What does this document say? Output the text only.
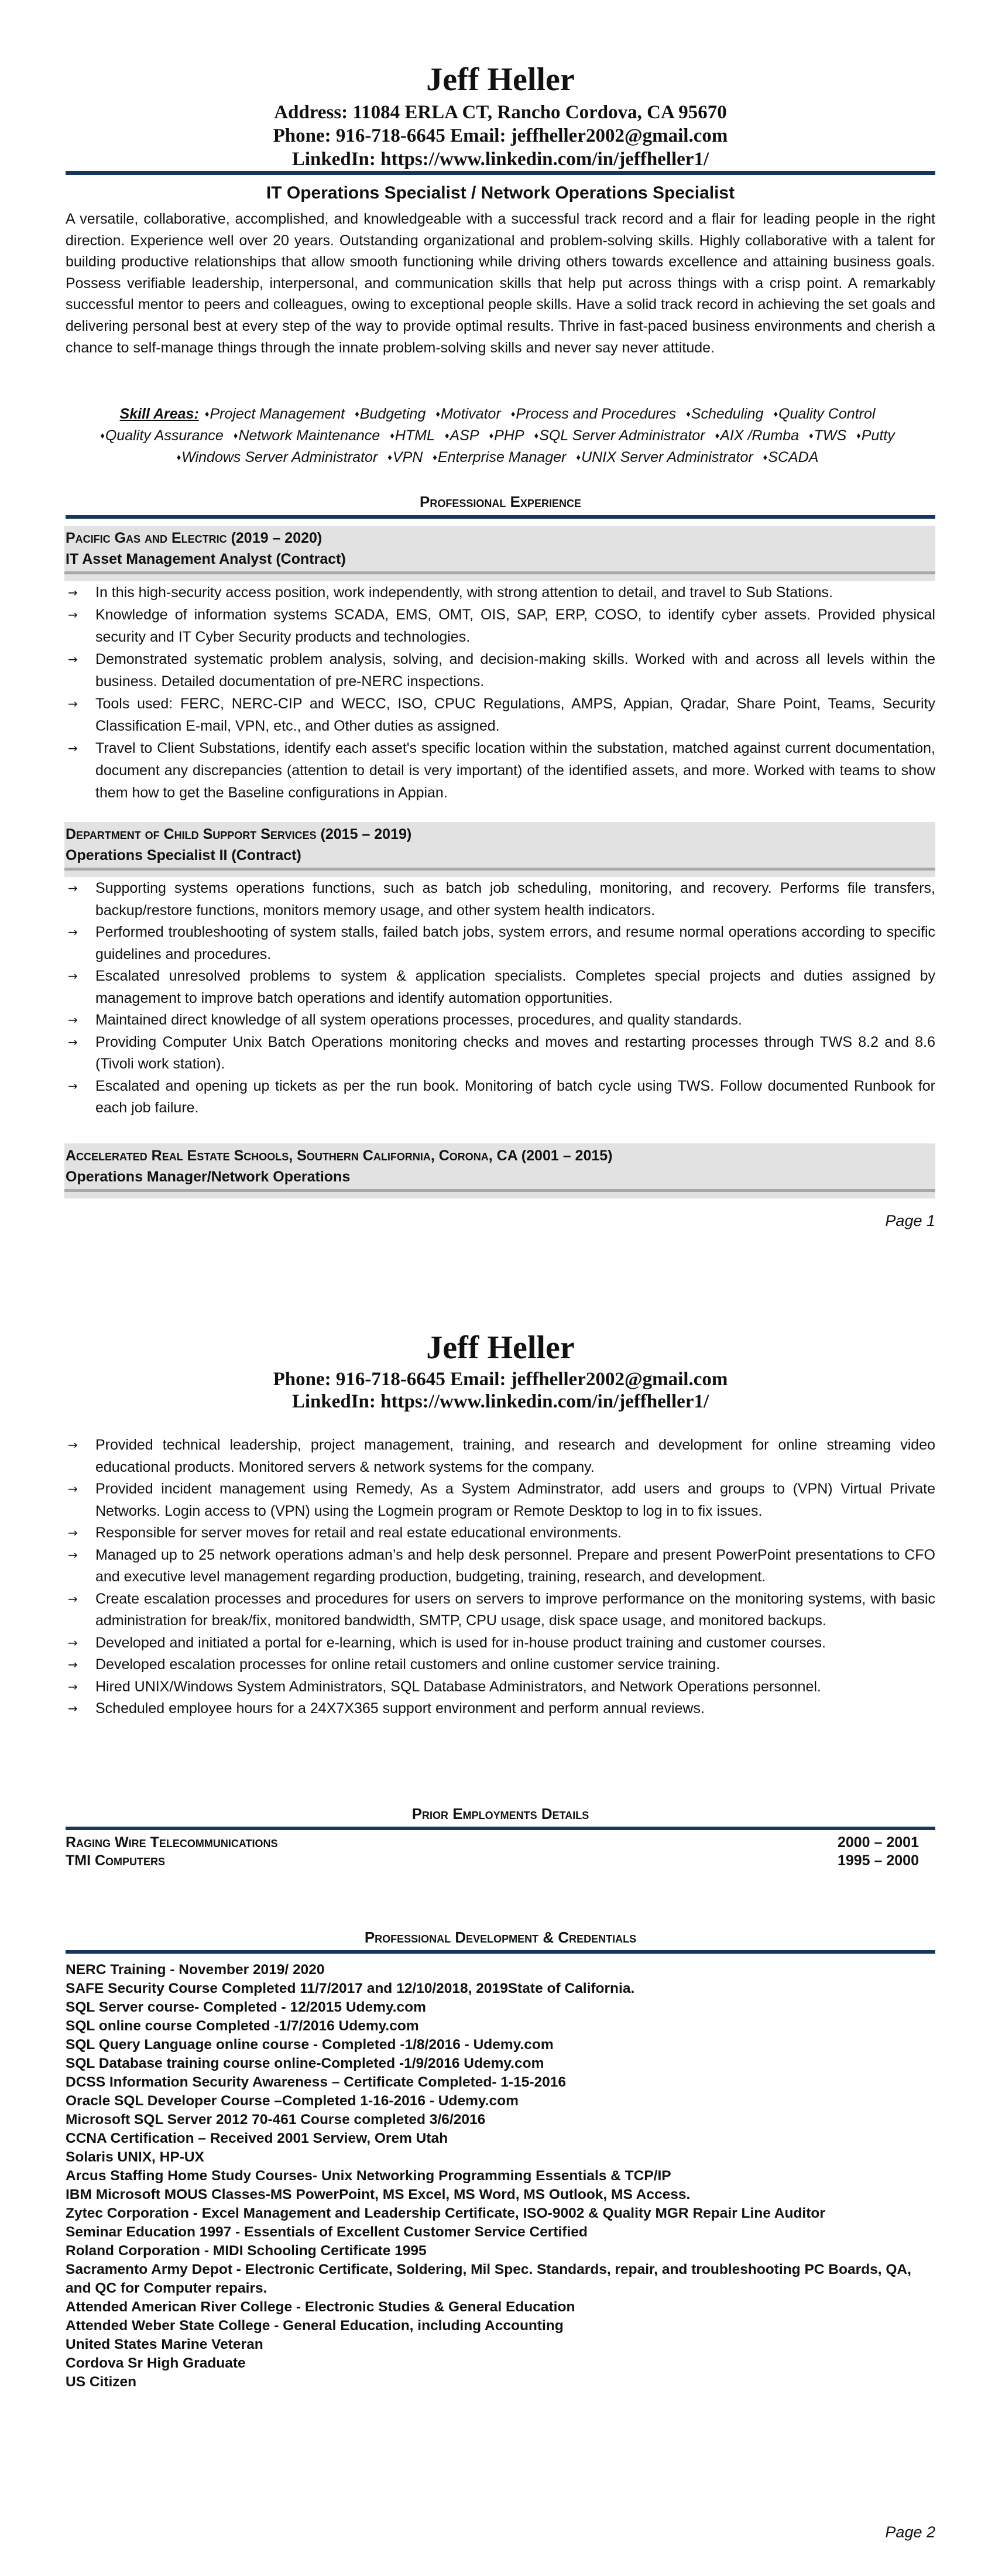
Jeff Heller
Address: 11084 ERLA CT, Rancho Cordova, CA 95670
Phone: 916-718-6645 Email: jeffheller2002@gmail.com
LinkedIn: https://www.linkedin.com/in/jeffheller1/
IT Operations Specialist / Network Operations Specialist
A versatile, collaborative, accomplished, and knowledgeable with a successful track record and a flair for leading people in the right direction. Experience well over 20 years. Outstanding organizational and problem-solving skills. Highly collaborative with a talent for building productive relationships that allow smooth functioning while driving others towards excellence and attaining business goals. Possess verifiable leadership, interpersonal, and communication skills that help put across things with a crisp point. A remarkably successful mentor to peers and colleagues, owing to exceptional people skills. Have a solid track record in achieving the set goals and delivering personal best at every step of the way to provide optimal results. Thrive in fast-paced business environments and cherish a chance to self-manage things through the innate problem-solving skills and never say never attitude.
Skill Areas: ♦ Project Management ♦ Budgeting ♦ Motivator ♦ Process and Procedures ♦ Scheduling ♦ Quality Control ♦ Quality Assurance ♦ Network Maintenance ♦ HTML ♦ ASP ♦ PHP ♦ SQL Server Administrator ♦ AIX /Rumba ♦ TWS ♦ Putty ♦ Windows Server Administrator ♦ VPN ♦ Enterprise Manager ♦ UNIX Server Administrator ♦ SCADA
Professional Experience
Pacific Gas and Electric (2019 – 2020)
IT Asset Management Analyst (Contract)
→ In this high-security access position, work independently, with strong attention to detail, and travel to Sub Stations.
→ Knowledge of information systems SCADA, EMS, OMT, OIS, SAP, ERP, COSO, to identify cyber assets. Provided physical security and IT Cyber Security products and technologies.
→ Demonstrated systematic problem analysis, solving, and decision-making skills. Worked with and across all levels within the business. Detailed documentation of pre-NERC inspections.
→ Tools used: FERC, NERC-CIP and WECC, ISO, CPUC Regulations, AMPS, Appian, Qradar, Share Point, Teams, Security Classification E-mail, VPN, etc., and Other duties as assigned.
→ Travel to Client Substations, identify each asset's specific location within the substation, matched against current documentation, document any discrepancies (attention to detail is very important) of the identified assets, and more. Worked with teams to show them how to get the Baseline configurations in Appian.
Department of Child Support Services (2015 – 2019)
Operations Specialist II (Contract)
→ Supporting systems operations functions, such as batch job scheduling, monitoring, and recovery. Performs file transfers, backup/restore functions, monitors memory usage, and other system health indicators.
→ Performed troubleshooting of system stalls, failed batch jobs, system errors, and resume normal operations according to specific guidelines and procedures.
→ Escalated unresolved problems to system & application specialists. Completes special projects and duties assigned by management to improve batch operations and identify automation opportunities.
→ Maintained direct knowledge of all system operations processes, procedures, and quality standards.
→ Providing Computer Unix Batch Operations monitoring checks and moves and restarting processes through TWS 8.2 and 8.6 (Tivoli work station).
→ Escalated and opening up tickets as per the run book. Monitoring of batch cycle using TWS. Follow documented Runbook for each job failure.
Accelerated Real Estate Schools, Southern California, Corona, CA (2001 – 2015)
Operations Manager/Network Operations
Page 1
Jeff Heller
Phone: 916-718-6645 Email: jeffheller2002@gmail.com
LinkedIn: https://www.linkedin.com/in/jeffheller1/
→ Provided technical leadership, project management, training, and research and development for online streaming video educational products. Monitored servers & network systems for the company.
→ Provided incident management using Remedy, As a System Adminstrator, add users and groups to (VPN) Virtual Private Networks. Login access to (VPN) using the Logmein program or Remote Desktop to log in to fix issues.
→ Responsible for server moves for retail and real estate educational environments.
→ Managed up to 25 network operations adman’s and help desk personnel. Prepare and present PowerPoint presentations to CFO and executive level management regarding production, budgeting, training, research, and development.
→ Create escalation processes and procedures for users on servers to improve performance on the monitoring systems, with basic administration for break/fix, monitored bandwidth, SMTP, CPU usage, disk space usage, and monitored backups.
→ Developed and initiated a portal for e-learning, which is used for in-house product training and customer courses.
→ Developed escalation processes for online retail customers and online customer service training.
→ Hired UNIX/Windows System Administrators, SQL Database Administrators, and Network Operations personnel.
→ Scheduled employee hours for a 24X7X365 support environment and perform annual reviews.
Prior Employments Details
Raging Wire Telecommunications	2000 – 2001
TMI Computers	1995 – 2000
Professional Development & Credentials
NERC Training - November 2019/ 2020
SAFE Security Course Completed 11/7/2017 and 12/10/2018, 2019State of California.
SQL Server course- Completed - 12/2015 Udemy.com
SQL online course Completed -1/7/2016 Udemy.com
SQL Query Language online course - Completed -1/8/2016 - Udemy.com
SQL Database training course online-Completed -1/9/2016 Udemy.com
DCSS Information Security Awareness – Certificate Completed- 1-15-2016
Oracle SQL Developer Course –Completed 1-16-2016 - Udemy.com
Microsoft SQL Server 2012 70-461 Course completed 3/6/2016
CCNA Certification – Received 2001 Serview, Orem Utah
Solaris UNIX, HP-UX
Arcus Staffing Home Study Courses- Unix Networking Programming Essentials & TCP/IP
IBM Microsoft MOUS Classes-MS PowerPoint, MS Excel, MS Word, MS Outlook, MS Access.
Zytec Corporation - Excel Management and Leadership Certificate, ISO-9002 & Quality MGR Repair Line Auditor
Seminar Education 1997 - Essentials of Excellent Customer Service Certified
Roland Corporation - MIDI Schooling Certificate 1995
Sacramento Army Depot - Electronic Certificate, Soldering, Mil Spec. Standards, repair, and troubleshooting PC Boards, QA, and QC for Computer repairs.
Attended American River College - Electronic Studies & General Education
Attended Weber State College - General Education, including Accounting
United States Marine Veteran
Cordova Sr High Graduate
US Citizen
Page 2
